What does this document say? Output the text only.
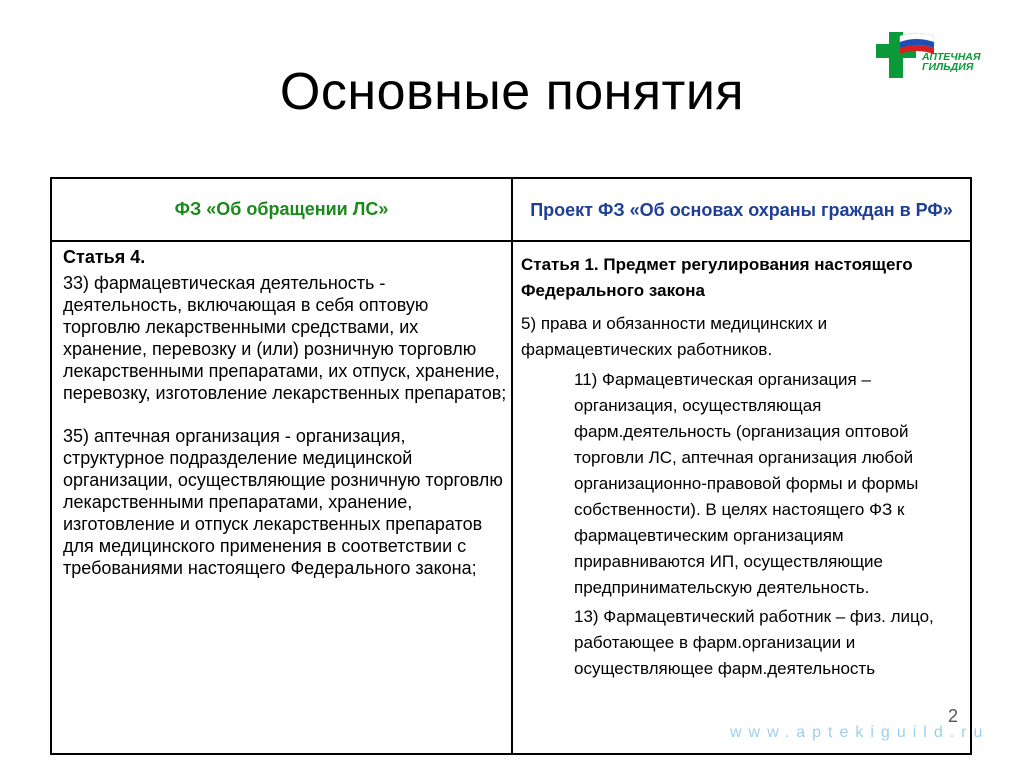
Основные понятия
АПТЕЧНАЯ
ГИЛЬДИЯ
ФЗ «Об обращении ЛС»	Проект ФЗ «Об основах охраны граждан в РФ»
Статья 4.

33) фармацевтическая деятельность - деятельность, включающая в себя оптовую торговлю лекарственными средствами, их хранение, перевозку и (или) розничную торговлю лекарственными препаратами, их отпуск, хранение, перевозку, изготовление лекарственных препаратов;

35) аптечная организация - организация, структурное подразделение медицинской организации, осуществляющие розничную торговлю лекарственными препаратами, хранение, изготовление и отпуск лекарственных препаратов для медицинского применения в соответствии с требованиями настоящего Федерального закона;

Статья 1. Предмет регулирования настоящего Федерального закона

5) права и обязанности медицинских и фармацевтических работников.

11) Фармацевтическая организация – организация, осуществляющая фарм.деятельность (организация оптовой торговли ЛС, аптечная организация любой организационно-правовой формы и формы собственности). В целях настоящего ФЗ к фармацевтическим организациям приравниваются ИП, осуществляющие предпринимательскую деятельность.

13) Фармацевтический работник – физ. лицо, работающее в фарм.организации и осуществляющее фарм.деятельность

www.aptekiguild.ru
2
